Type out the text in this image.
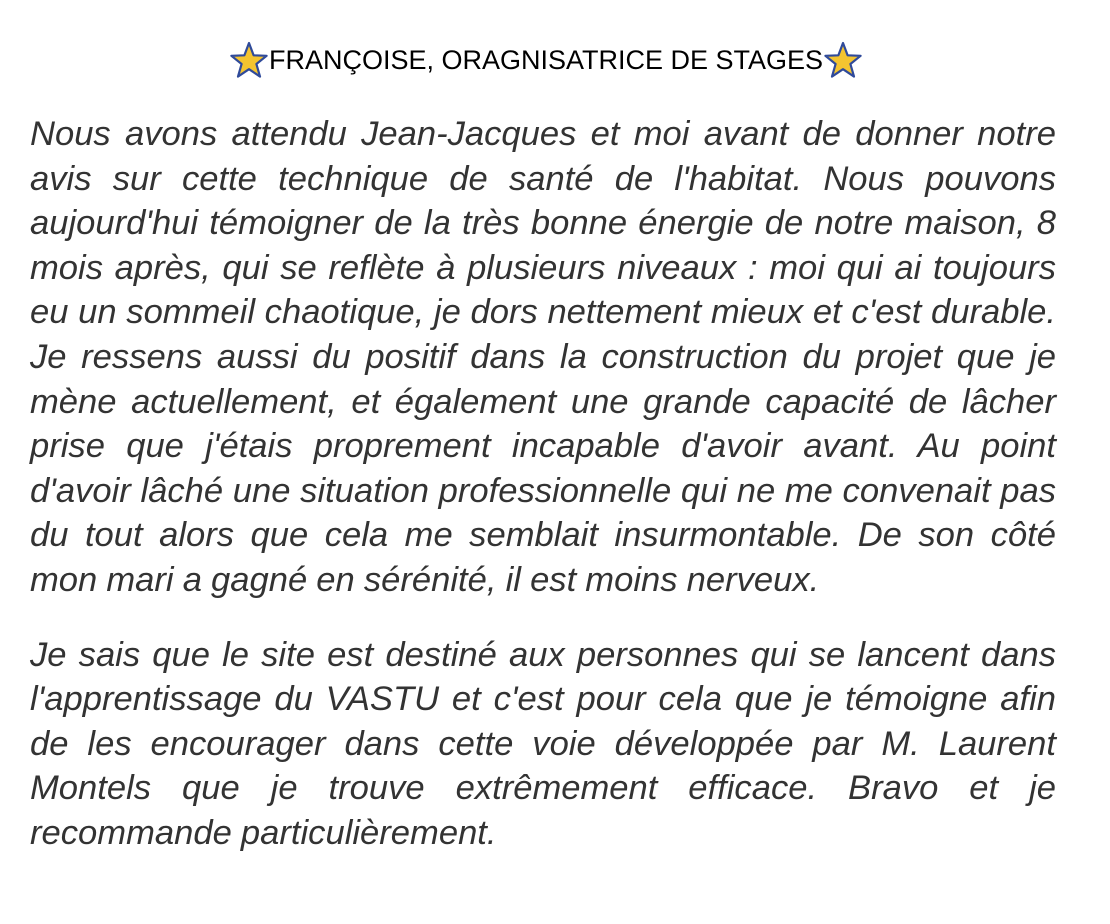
FRANÇOISE, ORAGNISATRICE DE STAGES

Nous avons attendu Jean-Jacques et moi avant de donner notre avis sur cette technique de santé de l'habitat. Nous pouvons aujourd'hui témoigner de la très bonne énergie de notre maison, 8 mois après, qui se reflète à plusieurs niveaux : moi qui ai toujours eu un sommeil chaotique, je dors nettement mieux et c'est durable. Je ressens aussi du positif dans la construction du projet que je mène actuellement, et également une grande capacité de lâcher prise que j'étais proprement incapable d'avoir avant. Au point d'avoir lâché une situation professionnelle qui ne me convenait pas du tout alors que cela me semblait insurmontable. De son côté mon mari a gagné en sérénité, il est moins nerveux.

Je sais que le site est destiné aux personnes qui se lancent dans l'apprentissage du VASTU et c'est pour cela que je témoigne afin de les encourager dans cette voie développée par M. Laurent Montels que je trouve extrêmement efficace. Bravo et je recommande particulièrement.
